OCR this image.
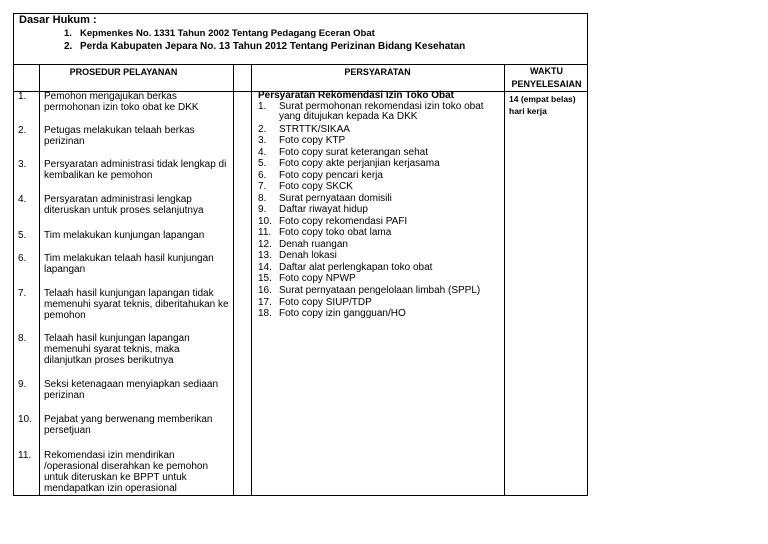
Dasar Hukum :
1. Kepmenkes No. 1331 Tahun 2002 Tentang Pedagang Eceran Obat
2. Perda Kabupaten Jepara No. 13 Tahun 2012 Tentang Perizinan Bidang Kesehatan
PROSEDUR PELAYANAN	PERSYARATAN	WAKTU
PENYELESAIAN
1. Pemohon mengajukan berkas permohonan izin toko obat ke DKK
2. Petugas melakukan telaah berkas perizinan
3. Persyaratan administrasi tidak lengkap di kembalikan ke pemohon
4. Persyaratan administrasi lengkap diteruskan untuk proses selanjutnya
5. Tim melakukan kunjungan lapangan
6. Tim melakukan telaah hasil kunjungan lapangan
7. Telaah hasil kunjungan lapangan tidak memenuhi syarat teknis, diberitahukan ke pemohon
8. Telaah hasil kunjungan lapangan memenuhi syarat teknis, maka dilanjutkan proses berikutnya
9. Seksi ketenagaan menyiapkan sediaan perizinan
10. Pejabat yang berwenang memberikan persetjuan
11. Rekomendasi izin mendirikan /operasional diserahkan ke pemohon untuk diteruskan ke BPPT untuk mendapatkan izin operasional
Persyaratan Rekomendasi Izin Toko Obat
1. Surat permohonan rekomendasi izin toko obat yang ditujukan kepada Ka DKK
2. STRTTK/SIKAA
3. Foto copy KTP
4. Foto copy surat keterangan sehat
5. Foto copy akte perjanjian kerjasama
6. Foto copy pencari kerja
7. Foto copy SKCK
8. Surat pernyataan domisili
9. Daftar riwayat hidup
10. Foto copy rekomendasi PAFI
11. Foto copy toko obat lama
12. Denah ruangan
13. Denah lokasi
14. Daftar alat perlengkapan toko obat
15. Foto copy NPWP
16. Surat pernyataan pengelolaan limbah (SPPL)
17. Foto copy SIUP/TDP
18. Foto copy izin gangguan/HO
14 (empat belas) hari kerja
